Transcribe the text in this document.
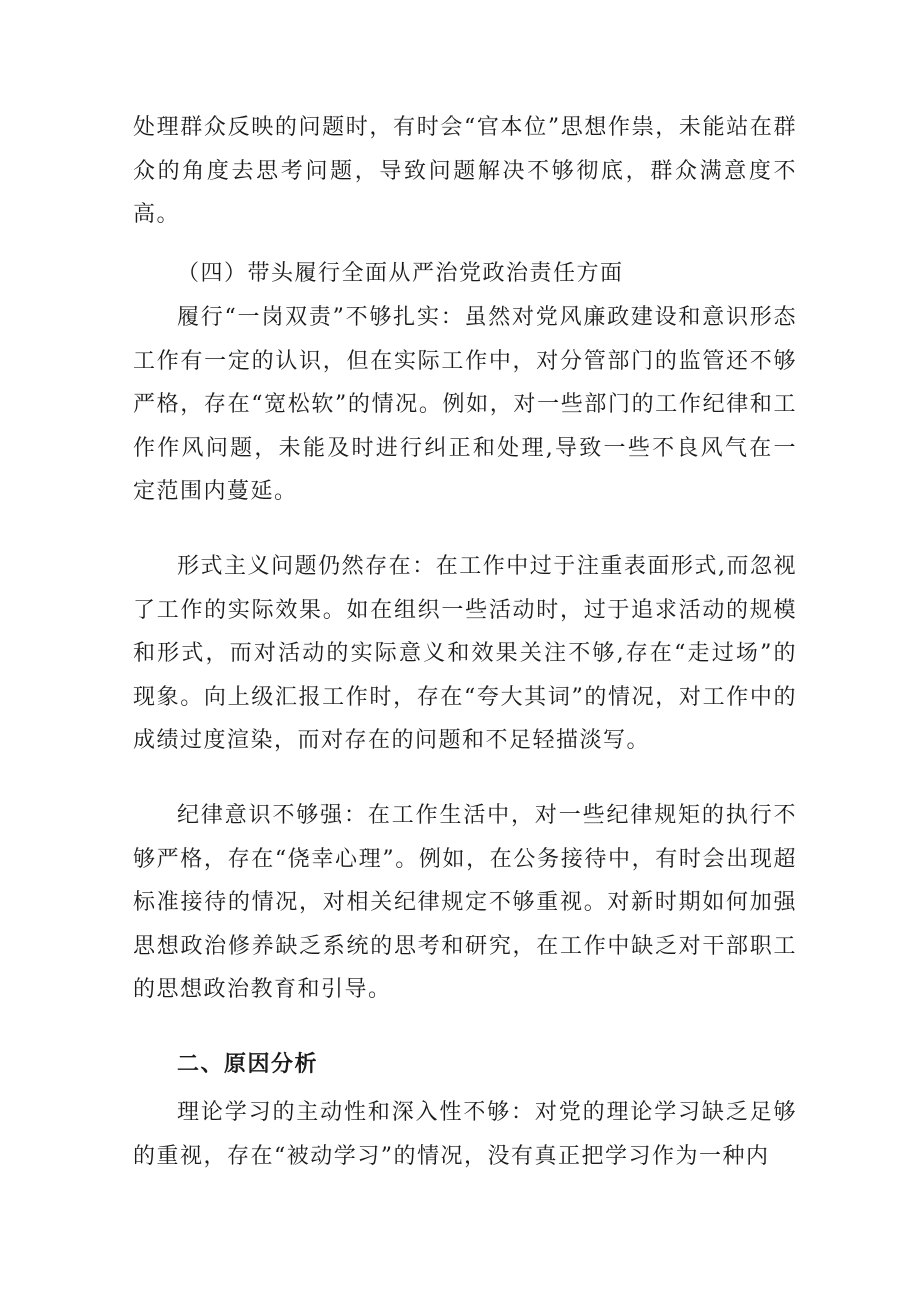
处理群众反映的问题时，有时会“官本位”思想作祟，未能站在群众的角度去思考问题，导致问题解决不够彻底，群众满意度不高。

（四）带头履行全面从严治党政治责任方面

履行“一岗双责”不够扎实：虽然对党风廉政建设和意识形态工作有一定的认识，但在实际工作中，对分管部门的监管还不够严格，存在“宽松软”的情况。例如，对一些部门的工作纪律和工作作风问题，未能及时进行纠正和处理,导致一些不良风气在一定范围内蔓延。

形式主义问题仍然存在：在工作中过于注重表面形式,而忽视了工作的实际效果。如在组织一些活动时，过于追求活动的规模和形式，而对活动的实际意义和效果关注不够,存在“走过场”的现象。向上级汇报工作时，存在“夸大其词”的情况，对工作中的成绩过度渲染，而对存在的问题和不足轻描淡写。

纪律意识不够强：在工作生活中，对一些纪律规矩的执行不够严格，存在“侥幸心理”。例如，在公务接待中，有时会出现超标准接待的情况，对相关纪律规定不够重视。对新时期如何加强思想政治修养缺乏系统的思考和研究，在工作中缺乏对干部职工的思想政治教育和引导。

二、原因分析

理论学习的主动性和深入性不够：对党的理论学习缺乏足够的重视，存在“被动学习”的情况，没有真正把学习作为一种内
